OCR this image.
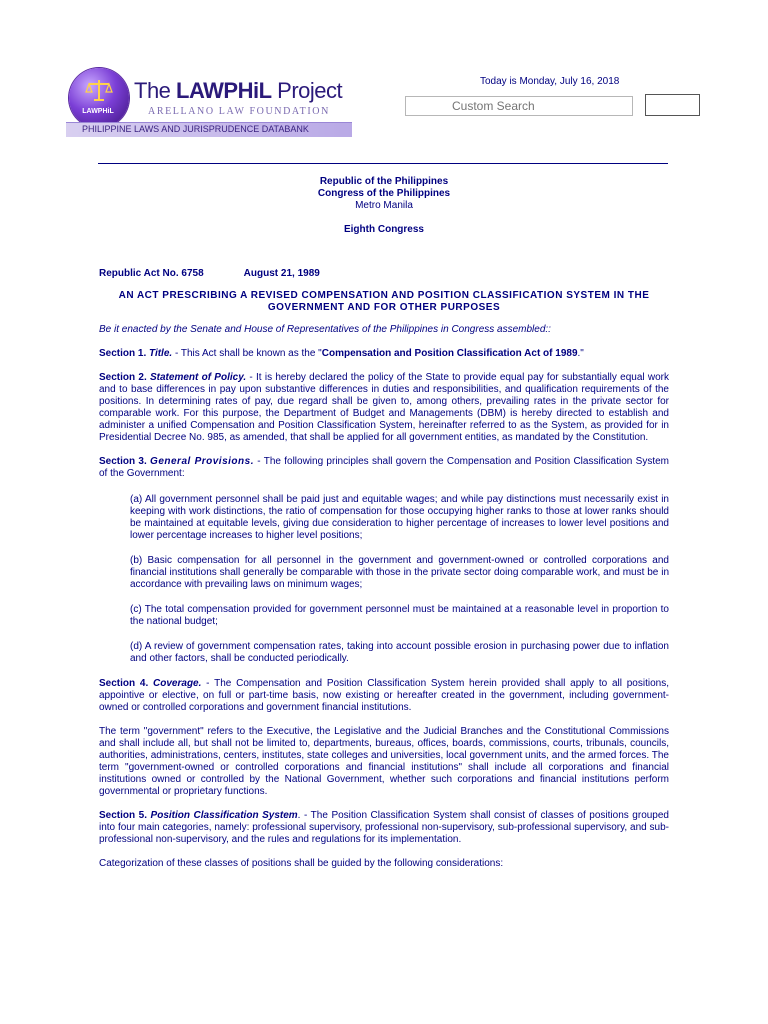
LAWPHiL
The LAWPHiL Project
ARELLANO LAW FOUNDATION
PHILIPPINE LAWS AND JURISPRUDENCE DATABANK
Today is Monday, July 16, 2018
Custom Search
Republic of the Philippines
Congress of the Philippines
Metro Manila
Eighth Congress
Republic Act No. 6758	August 21, 1989
AN ACT PRESCRIBING A REVISED COMPENSATION AND POSITION CLASSIFICATION SYSTEM IN THE GOVERNMENT AND FOR OTHER PURPOSES

Be it enacted by the Senate and House of Representatives of the Philippines in Congress assembled::

Section 1. Title. - This Act shall be known as the "Compensation and Position Classification Act of 1989."

Section 2. Statement of Policy. - It is hereby declared the policy of the State to provide equal pay for substantially equal work and to base differences in pay upon substantive differences in duties and responsibilities, and qualification requirements of the positions. In determining rates of pay, due regard shall be given to, among others, prevailing rates in the private sector for comparable work. For this purpose, the Department of Budget and Managements (DBM) is hereby directed to establish and administer a unified Compensation and Position Classification System, hereinafter referred to as the System, as provided for in Presidential Decree No. 985, as amended, that shall be applied for all government entities, as mandated by the Constitution.

Section 3. General Provisions. - The following principles shall govern the Compensation and Position Classification System of the Government:

(a) All government personnel shall be paid just and equitable wages; and while pay distinctions must necessarily exist in keeping with work distinctions, the ratio of compensation for those occupying higher ranks to those at lower ranks should be maintained at equitable levels, giving due consideration to higher percentage of increases to lower level positions and lower percentage increases to higher level positions;

(b) Basic compensation for all personnel in the government and government-owned or controlled corporations and financial institutions shall generally be comparable with those in the private sector doing comparable work, and must be in accordance with prevailing laws on minimum wages;

(c) The total compensation provided for government personnel must be maintained at a reasonable level in proportion to the national budget;

(d) A review of government compensation rates, taking into account possible erosion in purchasing power due to inflation and other factors, shall be conducted periodically.

Section 4. Coverage. - The Compensation and Position Classification System herein provided shall apply to all positions, appointive or elective, on full or part-time basis, now existing or hereafter created in the government, including government-owned or controlled corporations and government financial institutions.

The term "government" refers to the Executive, the Legislative and the Judicial Branches and the Constitutional Commissions and shall include all, but shall not be limited to, departments, bureaus, offices, boards, commissions, courts, tribunals, councils, authorities, administrations, centers, institutes, state colleges and universities, local government units, and the armed forces. The term "government-owned or controlled corporations and financial institutions" shall include all corporations and financial institutions owned or controlled by the National Government, whether such corporations and financial institutions perform governmental or proprietary functions.

Section 5. Position Classification System. - The Position Classification System shall consist of classes of positions grouped into four main categories, namely: professional supervisory, professional non-supervisory, sub-professional supervisory, and sub-professional non-supervisory, and the rules and regulations for its implementation.

Categorization of these classes of positions shall be guided by the following considerations:
